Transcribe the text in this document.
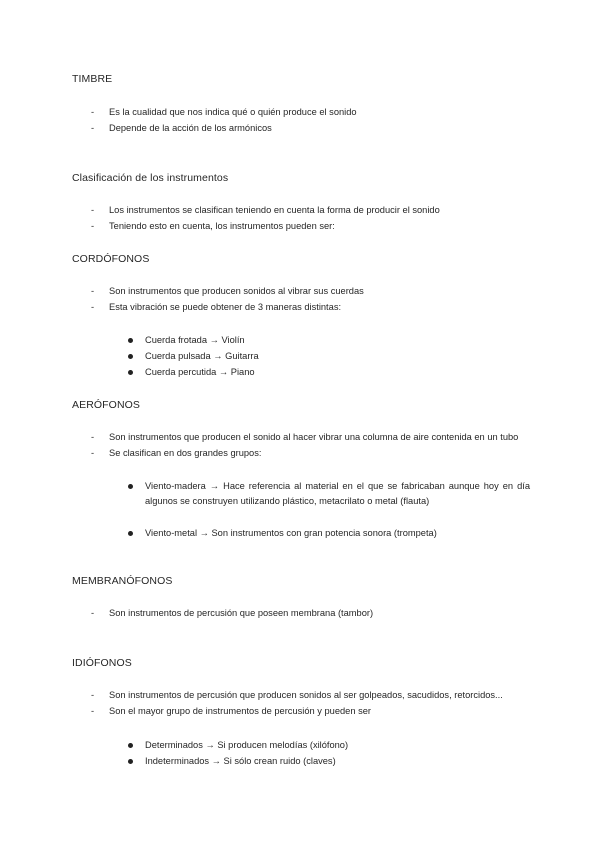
TIMBRE
- Es la cualidad que nos indica qué o quién produce el sonido
- Depende de la acción de los armónicos
Clasificación de los instrumentos
- Los instrumentos se clasifican teniendo en cuenta la forma de producir el sonido
- Teniendo esto en cuenta, los instrumentos pueden ser:
CORDÓFONOS
- Son instrumentos que producen sonidos al vibrar sus cuerdas
- Esta vibración se puede obtener de 3 maneras distintas:
Cuerda frotada → Violín
Cuerda pulsada → Guitarra
Cuerda percutida → Piano
AERÓFONOS
- Son instrumentos que producen el sonido al hacer vibrar una columna de aire contenida en un tubo
- Se clasifican en dos grandes grupos:
Viento-madera → Hace referencia al material en el que se fabricaban aunque hoy en día algunos se construyen utilizando plástico, metacrilato o metal (flauta)
Viento-metal → Son instrumentos con gran potencia sonora (trompeta)
MEMBRANÓFONOS
- Son instrumentos de percusión que poseen membrana (tambor)
IDIÓFONOS
- Son instrumentos de percusión que producen sonidos al ser golpeados, sacudidos, retorcidos...
- Son el mayor grupo de instrumentos de percusión y pueden ser
Determinados → Si producen melodías (xilófono)
Indeterminados → Si sólo crean ruido (claves)
